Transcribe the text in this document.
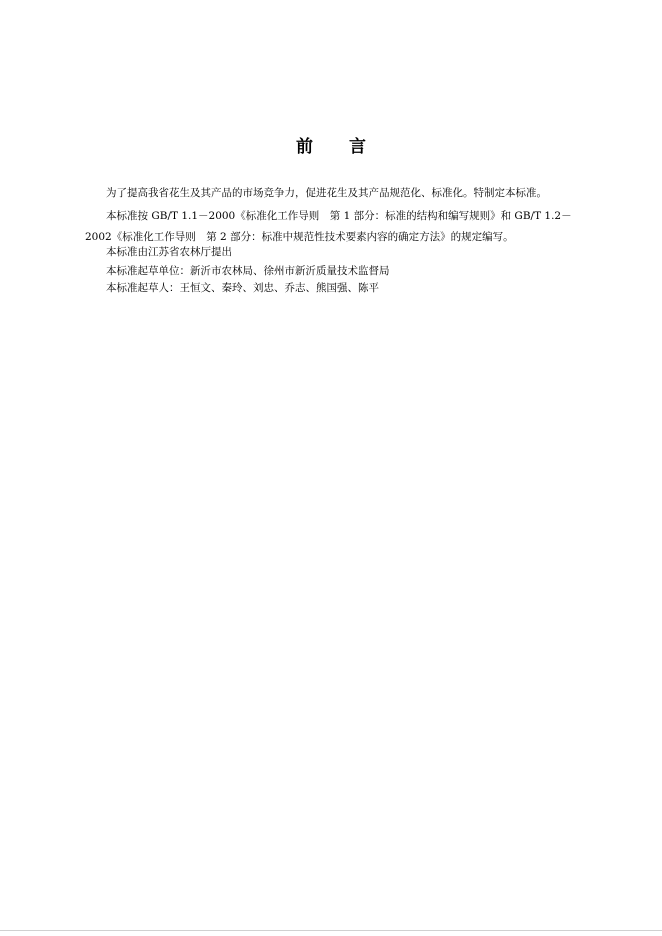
前 言
为了提高我省花生及其产品的市场竞争力，促进花生及其产品规范化、标准化。特制定本标准。
本标准按 GB/T 1.1－2000《标准化工作导则　第 1 部分：标准的结构和编写规则》和 GB/T 1.2－
2002《标准化工作导则　第 2 部分：标准中规范性技术要素内容的确定方法》的规定编写。
本标准由江苏省农林厅提出
本标准起草单位：新沂市农林局、徐州市新沂质量技术监督局
本标准起草人：王恒文、秦玲、刘忠、乔志、熊国强、陈平
